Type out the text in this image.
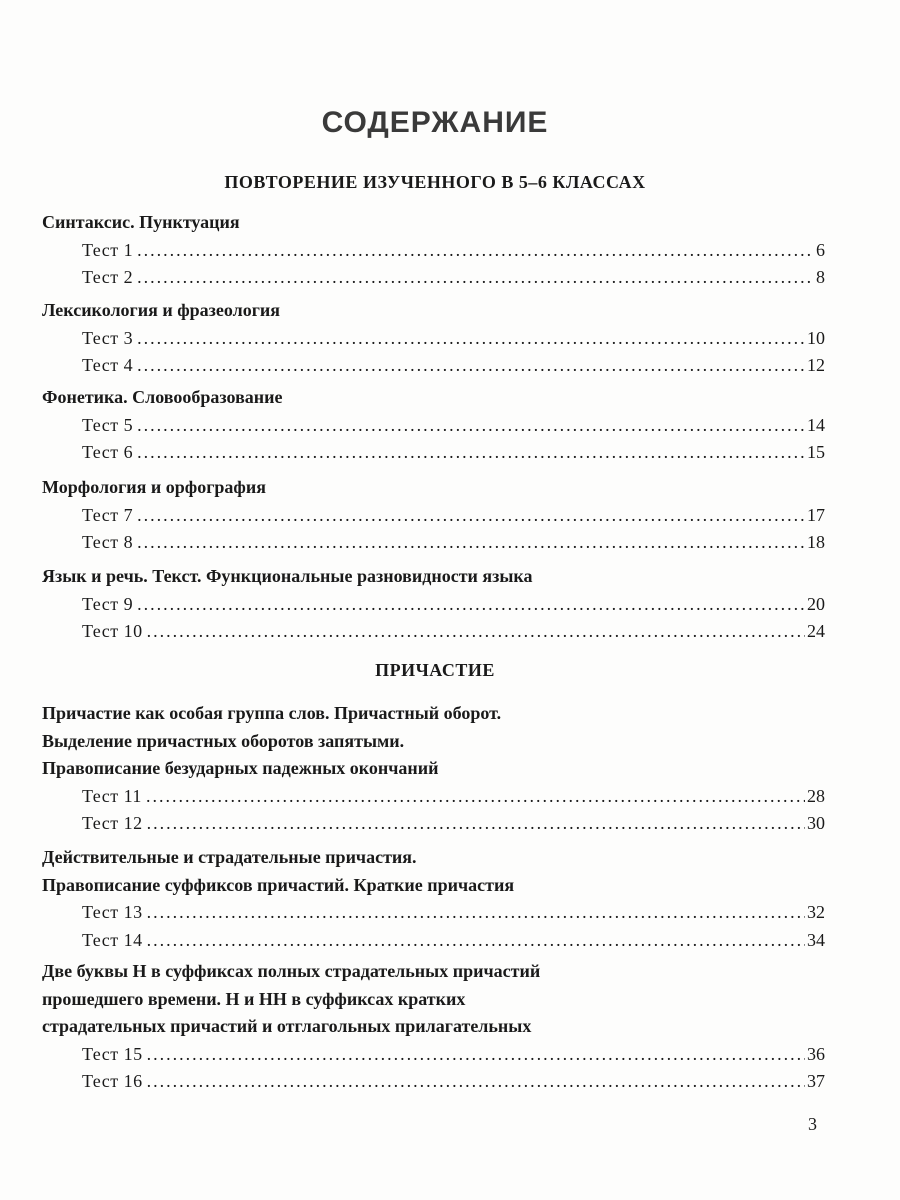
СОДЕРЖАНИЕ
ПОВТОРЕНИЕ ИЗУЧЕННОГО В 5–6 КЛАССАХ
Синтаксис. Пунктуация
Тест 1 .....	6
Тест 2 .....	8
Лексикология и фразеология
Тест 3 .....	10
Тест 4 .....	12
Фонетика. Словообразование
Тест 5 .....	14
Тест 6 .....	15
Морфология и орфография
Тест 7 .....	17
Тест 8 .....	18
Язык и речь. Текст. Функциональные разновидности языка
Тест 9 .....	20
Тест 10 .....	24
ПРИЧАСТИЕ
Причастие как особая группа слов. Причастный оборот.
Выделение причастных оборотов запятыми.
Правописание безударных падежных окончаний
Тест 11 .....	28
Тест 12 .....	30
Действительные и страдательные причастия.
Правописание суффиксов причастий. Краткие причастия
Тест 13 .....	32
Тест 14 .....	34
Две буквы Н в суффиксах полных страдательных причастий
прошедшего времени. Н и НН в суффиксах кратких
страдательных причастий и отглагольных прилагательных
Тест 15 .....	36
Тест 16 .....	37
3
